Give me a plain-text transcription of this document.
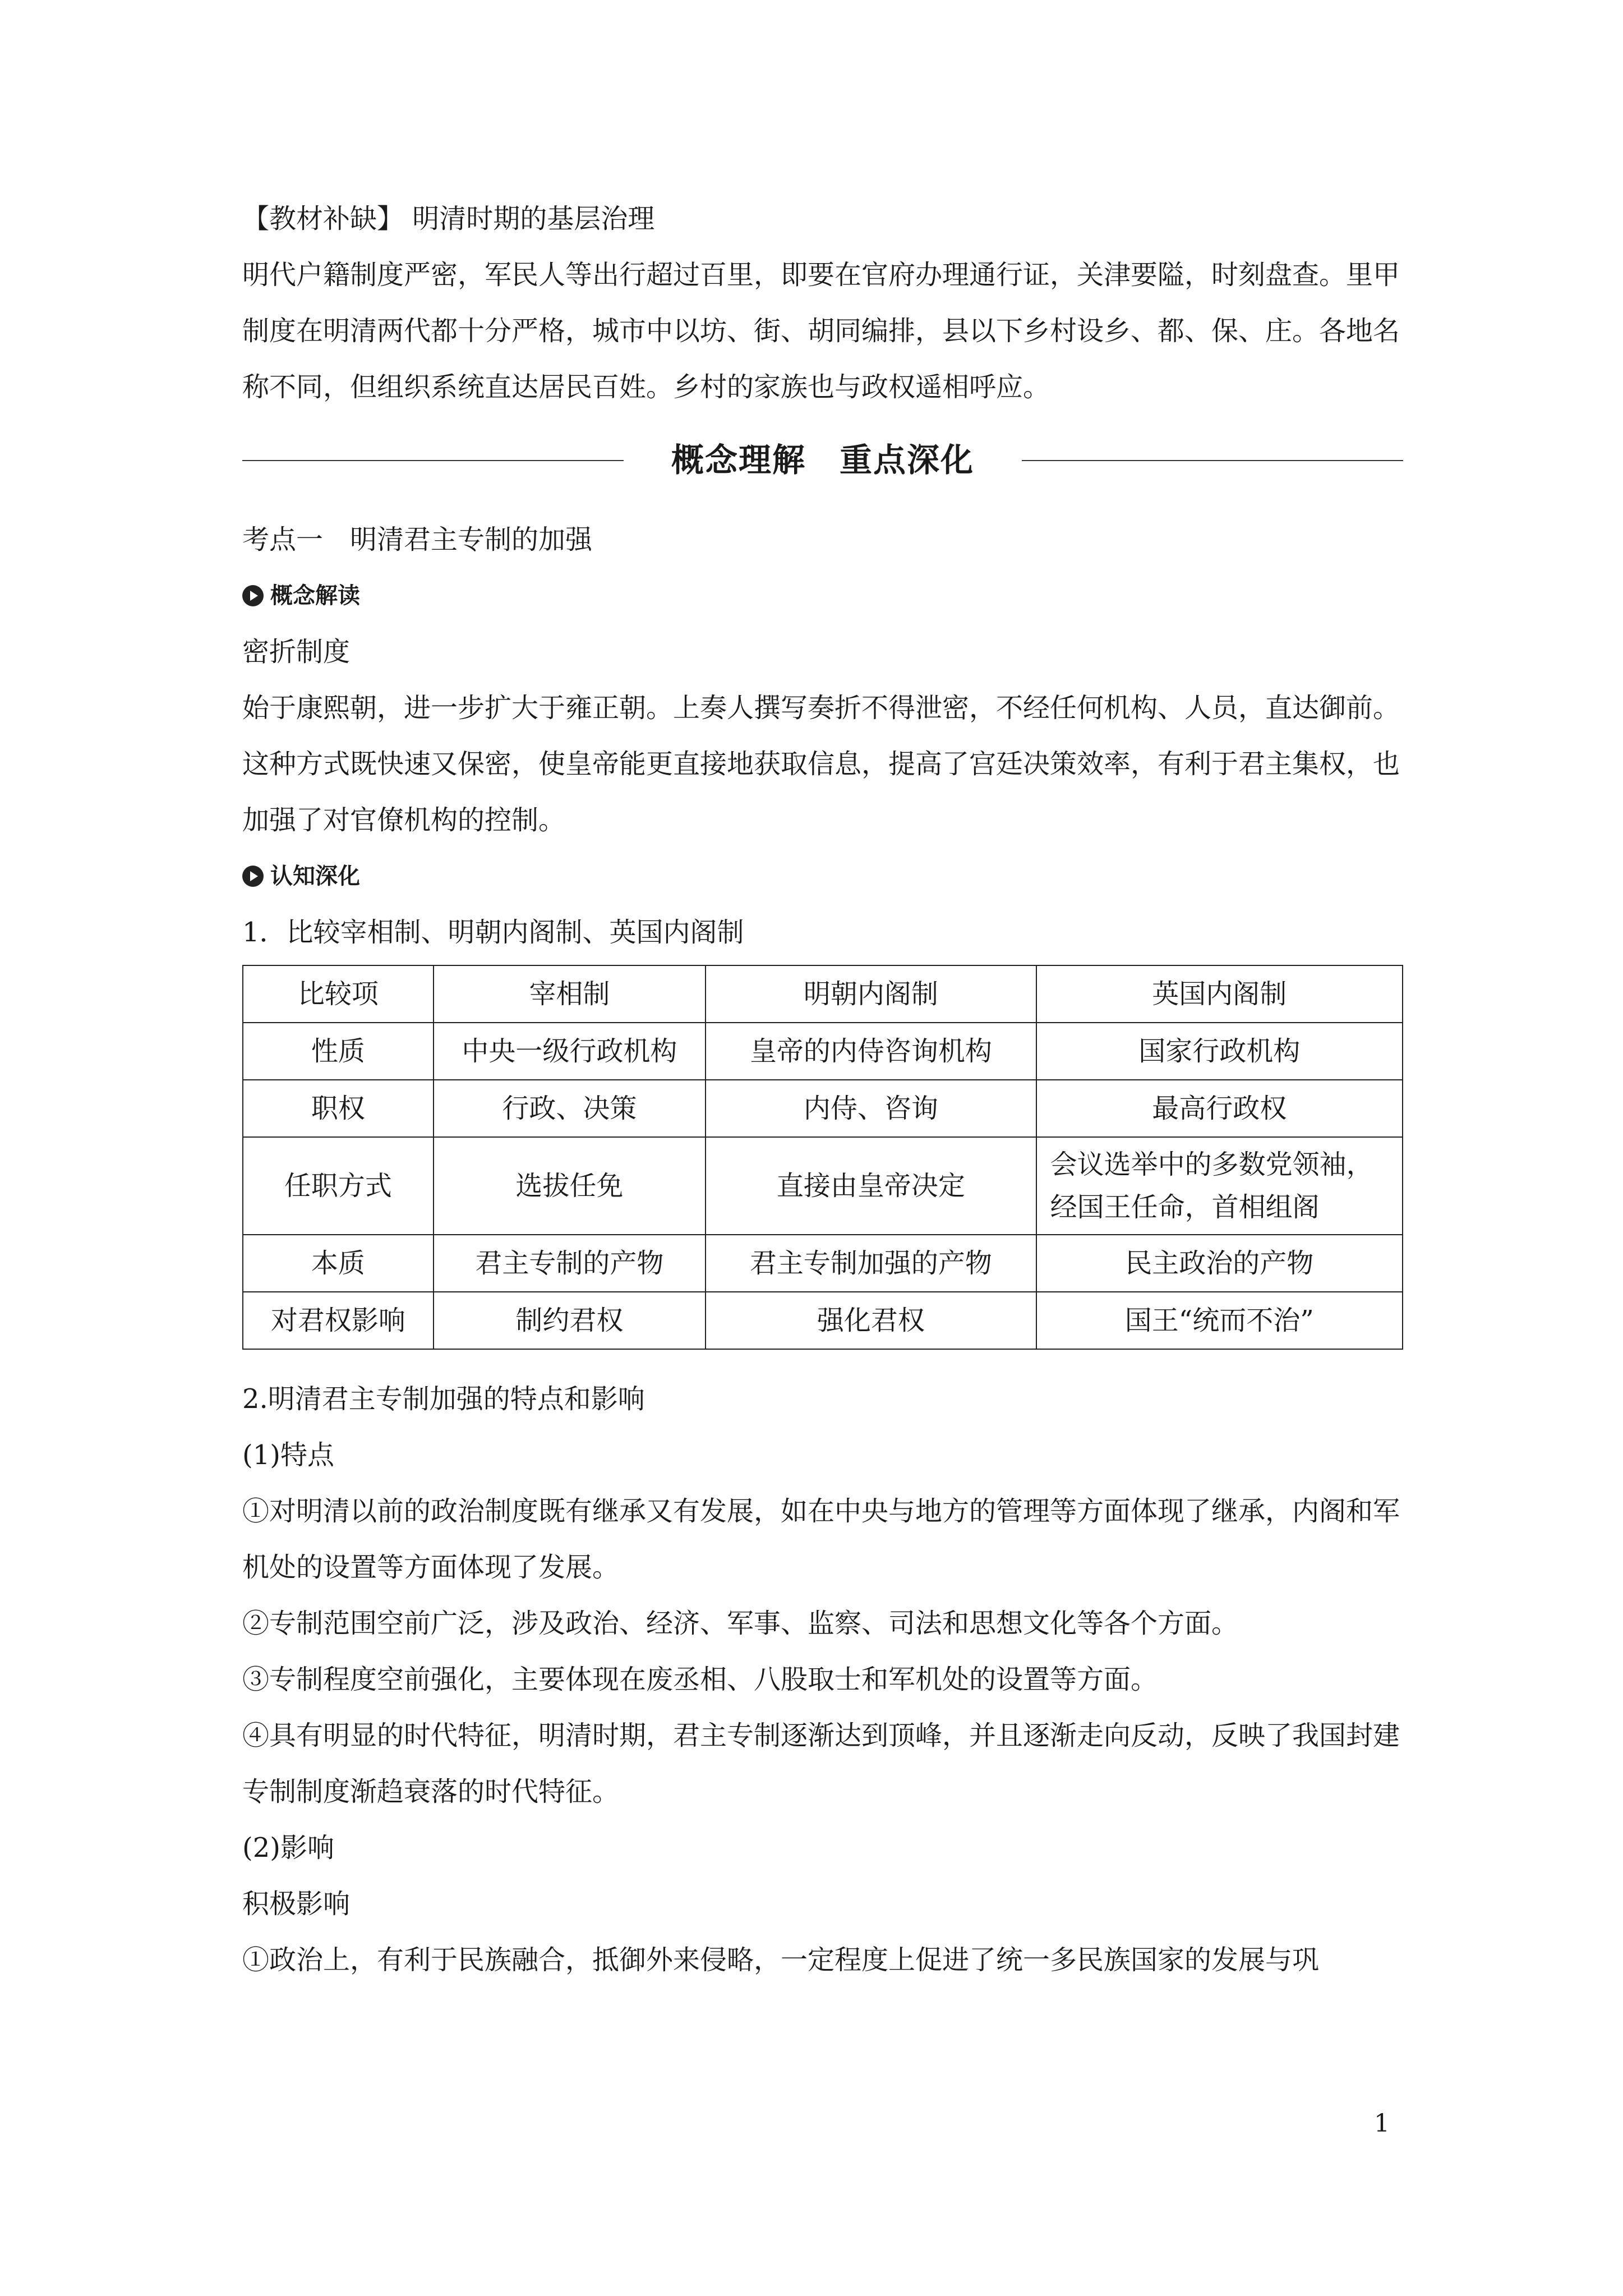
【教材补缺】 明清时期的基层治理
明代户籍制度严密，军民人等出行超过百里，即要在官府办理通行证，关津要隘，时刻盘查。里甲制度在明清两代都十分严格，城市中以坊、街、胡同编排，县以下乡村设乡、都、保、庄。各地名称不同，但组织系统直达居民百姓。乡村的家族也与政权遥相呼应。
概念理解　重点深化
考点一　明清君主专制的加强
概念解读
密折制度
始于康熙朝，进一步扩大于雍正朝。上奏人撰写奏折不得泄密，不经任何机构、人员，直达御前。这种方式既快速又保密，使皇帝能更直接地获取信息，提高了宫廷决策效率，有利于君主集权，也加强了对官僚机构的控制。
认知深化
1．比较宰相制、明朝内阁制、英国内阁制
比较项	宰相制	明朝内阁制	英国内阁制
性质	中央一级行政机构	皇帝的内侍咨询机构	国家行政机构
职权	行政、决策	内侍、咨询	最高行政权
任职方式	选拔任免	直接由皇帝决定	会议选举中的多数党领袖，经国王任命，首相组阁
本质	君主专制的产物	君主专制加强的产物	民主政治的产物
对君权影响	制约君权	强化君权	国王“统而不治”
2.明清君主专制加强的特点和影响
(1)特点
①对明清以前的政治制度既有继承又有发展，如在中央与地方的管理等方面体现了继承，内阁和军机处的设置等方面体现了发展。
②专制范围空前广泛，涉及政治、经济、军事、监察、司法和思想文化等各个方面。
③专制程度空前强化，主要体现在废丞相、八股取士和军机处的设置等方面。
④具有明显的时代特征，明清时期，君主专制逐渐达到顶峰，并且逐渐走向反动，反映了我国封建专制制度渐趋衰落的时代特征。
(2)影响
积极影响
①政治上，有利于民族融合，抵御外来侵略，一定程度上促进了统一多民族国家的发展与巩
1
